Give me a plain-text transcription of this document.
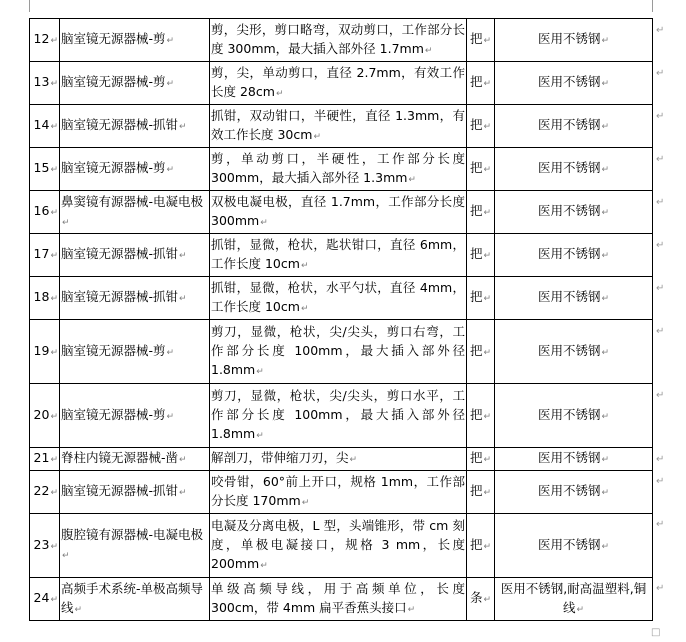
12↵	脑室镜无源器械-剪↵	剪，尖形，剪口略弯，双动剪口，工作部分长度 300mm，最大插入部外径 1.7mm↵	把↵	医用不锈钢↵
13↵	脑室镜无源器械-剪↵	剪，尖，单动剪口，直径 2.7mm，有效工作长度 28cm↵	把↵	医用不锈钢↵
14↵	脑室镜无源器械-抓钳↵	抓钳，双动钳口，半硬性，直径 1.3mm，有效工作长度 30cm↵	把↵	医用不锈钢↵
15↵	脑室镜无源器械-剪↵	剪，单动剪口，半硬性，工作部分长度 300mm，最大插入部外径 1.3mm↵	把↵	医用不锈钢↵
16↵	鼻窦镜有源器械-电凝电极↵	双极电凝电极，直径 1.7mm，工作部分长度 300mm↵	把↵	医用不锈钢↵
17↵	脑室镜无源器械-抓钳↵	抓钳，显微，枪状，匙状钳口，直径 6mm，工作长度 10cm↵	把↵	医用不锈钢↵
18↵	脑室镜无源器械-抓钳↵	抓钳，显微，枪状，水平勺状，直径 4mm，工作长度 10cm↵	把↵	医用不锈钢↵
19↵	脑室镜无源器械-剪↵	剪刀，显微，枪状，尖/尖头，剪口右弯，工作部分长度 100mm，最大插入部外径 1.8mm↵	把↵	医用不锈钢↵
20↵	脑室镜无源器械-剪↵	剪刀，显微，枪状，尖/尖头，剪口水平，工作部分长度 100mm，最大插入部外径 1.8mm↵	把↵	医用不锈钢↵
21↵	脊柱内镜无源器械-凿↵	解剖刀，带伸缩刀刃，尖↵	把↵	医用不锈钢↵
22↵	脑室镜无源器械-抓钳↵	咬骨钳，60°前上开口，规格 1mm，工作部分长度 170mm↵	把↵	医用不锈钢↵
23↵	腹腔镜有源器械-电凝电极↵	电凝及分离电极，L 型，头端锥形，带 cm 刻度，单极电凝接口，规格 3 mm，长度 200mm↵	把↵	医用不锈钢↵
24↵	高频手术系统-单极高频导线↵	单级高频导线，用于高频单位，长度 300cm，带 4mm 扁平香蕉头接口↵	条↵	医用不锈钢,耐高温塑料,铜线↵
↵
↵
↵
↵
↵
↵
↵
↵
↵
↵
↵
↵
↵
□
